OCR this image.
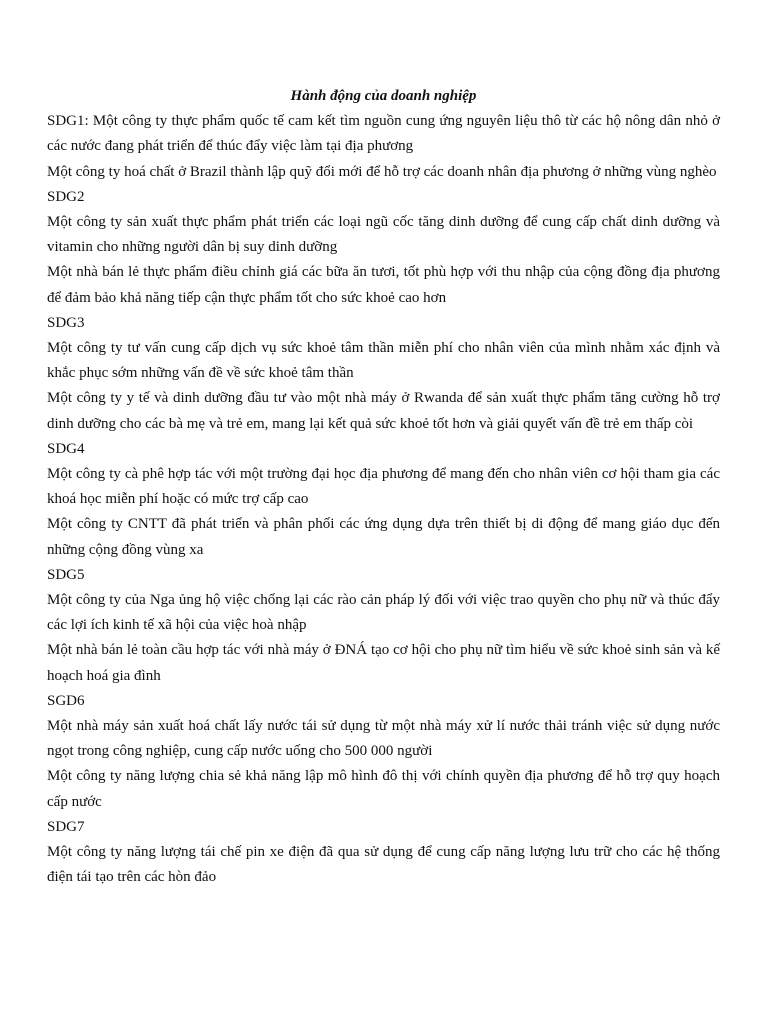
Hành động của doanh nghiệp

SDG1: Một công ty thực phẩm quốc tế cam kết tìm nguồn cung ứng nguyên liệu thô từ các hộ nông dân nhỏ ở các nước đang phát triển để thúc đẩy việc làm tại địa phương

Một công ty hoá chất ở Brazil thành lập quỹ đổi mới để hỗ trợ các doanh nhân địa phương ở những vùng nghèo

SDG2

Một công ty sản xuất thực phẩm phát triển các loại ngũ cốc tăng dinh dưỡng để cung cấp chất dinh dưỡng và vitamin cho những người dân bị suy dinh dưỡng

Một nhà bán lẻ thực phẩm điều chỉnh giá các bữa ăn tươi, tốt phù hợp với thu nhập của cộng đồng địa phương để đảm bảo khả năng tiếp cận thực phẩm tốt cho sức khoẻ cao hơn

SDG3

Một công ty tư vấn cung cấp dịch vụ sức khoẻ tâm thần miễn phí cho nhân viên của mình nhằm xác định và khắc phục sớm những vấn đề về sức khoẻ tâm thần

Một công ty y tế và dinh dưỡng đầu tư vào một nhà máy ở Rwanda để sản xuất thực phẩm tăng cường hỗ trợ dinh dưỡng cho các bà mẹ và trẻ em, mang lại kết quả sức khoẻ tốt hơn và giải quyết vấn đề trẻ em thấp còi

SDG4

Một công ty cà phê hợp tác với một trường đại học địa phương để mang đến cho nhân viên cơ hội tham gia các khoá học miễn phí hoặc có mức trợ cấp cao

Một công ty CNTT đã phát triển và phân phối các ứng dụng dựa trên thiết bị di động để mang giáo dục đến những cộng đồng vùng xa

SDG5

Một công ty của Nga ủng hộ việc chống lại các rào cản pháp lý đối với việc trao quyền cho phụ nữ và thúc đẩy các lợi ích kinh tế xã hội của việc hoà nhập

Một nhà bán lẻ toàn cầu hợp tác với nhà máy ở ĐNÁ tạo cơ hội cho phụ nữ tìm hiểu về sức khoẻ sinh sản và kế hoạch hoá gia đình

SGD6

Một nhà máy sản xuất hoá chất lấy nước tái sử dụng từ một nhà máy xử lí nước thải tránh việc sử dụng nước ngọt trong công nghiệp, cung cấp nước uống cho 500 000 người

Một công ty năng lượng chia sẻ khả năng lập mô hình đô thị với chính quyền địa phương để hỗ trợ quy hoạch cấp nước

SDG7

Một công ty năng lượng tái chế pin xe điện đã qua sử dụng để cung cấp năng lượng lưu trữ cho các hệ thống điện tái tạo trên các hòn đảo
